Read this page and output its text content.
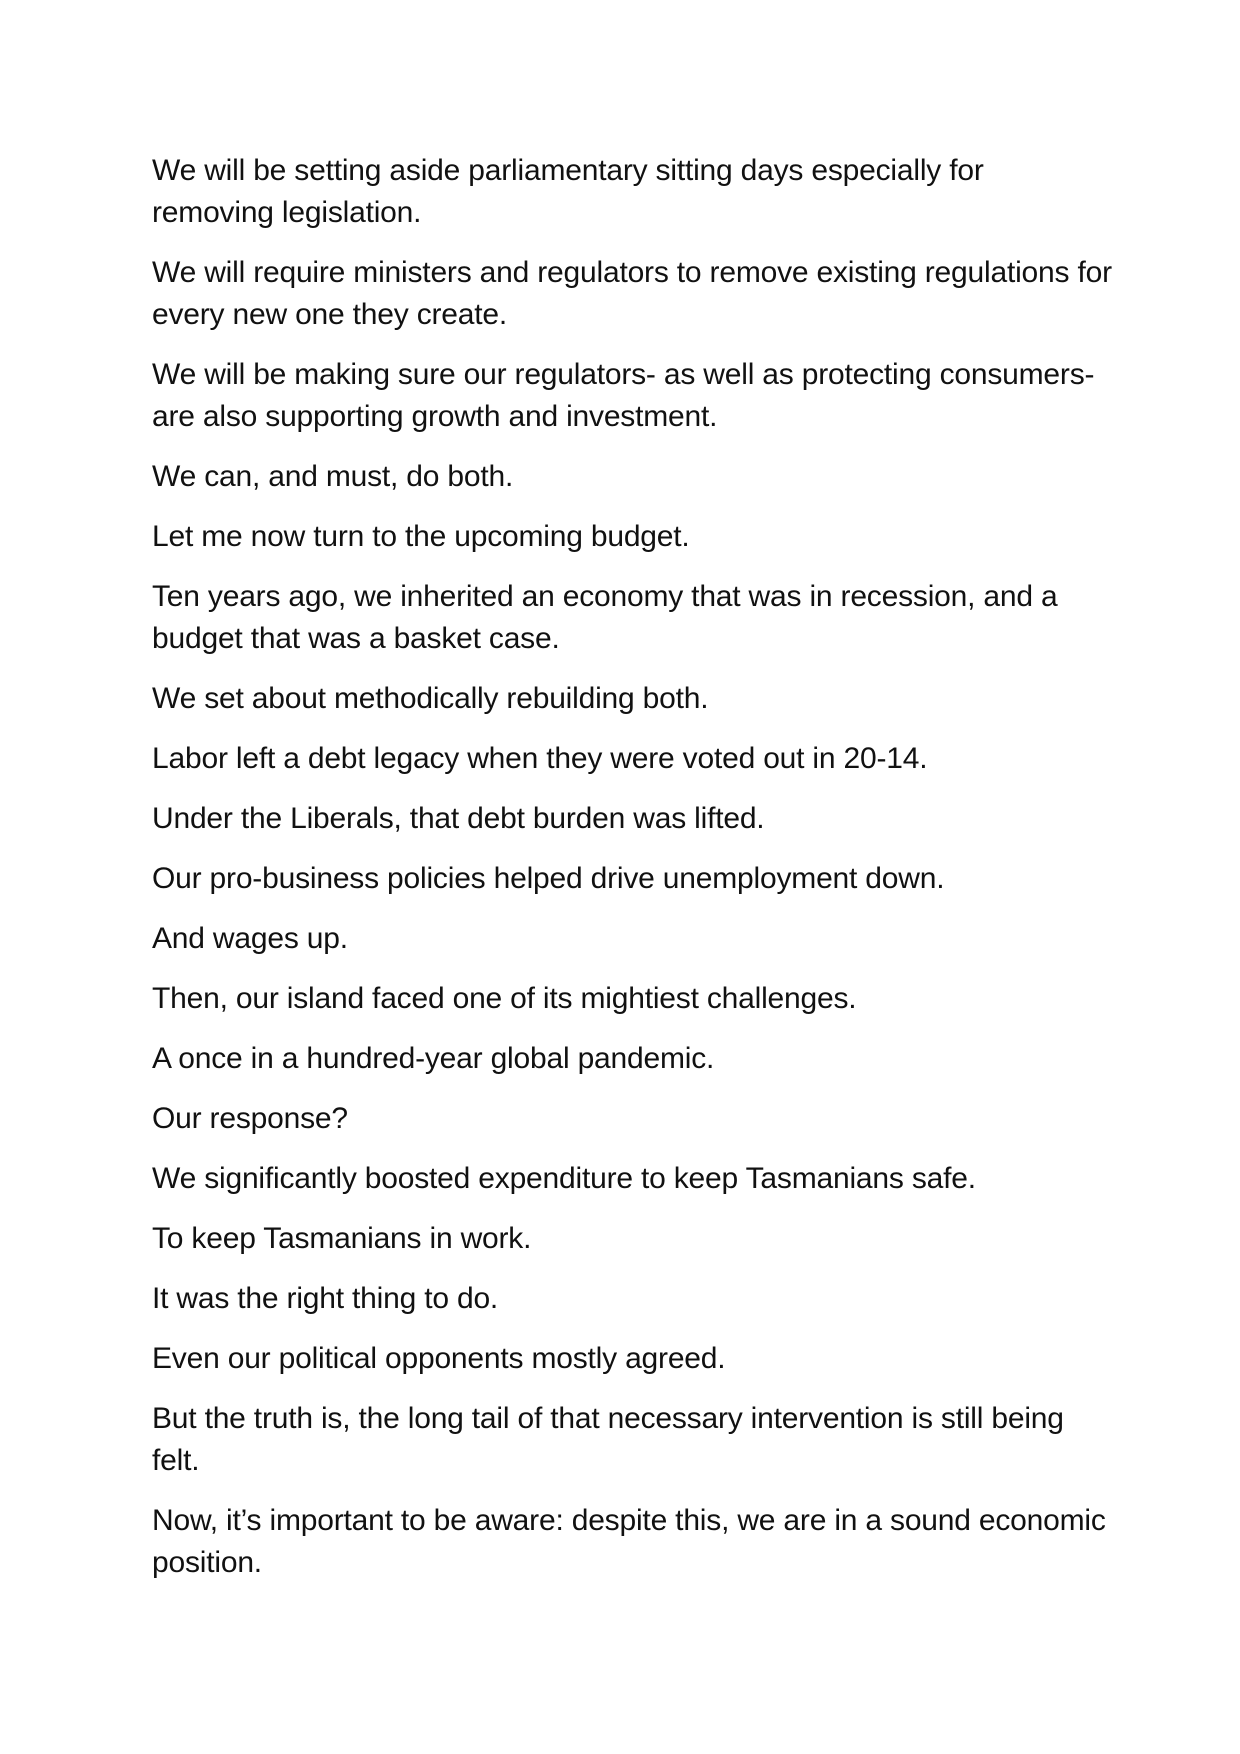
We will be setting aside parliamentary sitting days especially for removing legislation.

We will require ministers and regulators to remove existing regulations for every new one they create.

We will be making sure our regulators- as well as protecting consumers- are also supporting growth and investment.

We can, and must, do both.

Let me now turn to the upcoming budget.

Ten years ago, we inherited an economy that was in recession, and a budget that was a basket case.

We set about methodically rebuilding both.

Labor left a debt legacy when they were voted out in 20-14.

Under the Liberals, that debt burden was lifted.

Our pro-business policies helped drive unemployment down.

And wages up.

Then, our island faced one of its mightiest challenges.

A once in a hundred-year global pandemic.

Our response?

We significantly boosted expenditure to keep Tasmanians safe.

To keep Tasmanians in work.

It was the right thing to do.

Even our political opponents mostly agreed.

But the truth is, the long tail of that necessary intervention is still being felt.

Now, it’s important to be aware: despite this, we are in a sound economic position.
